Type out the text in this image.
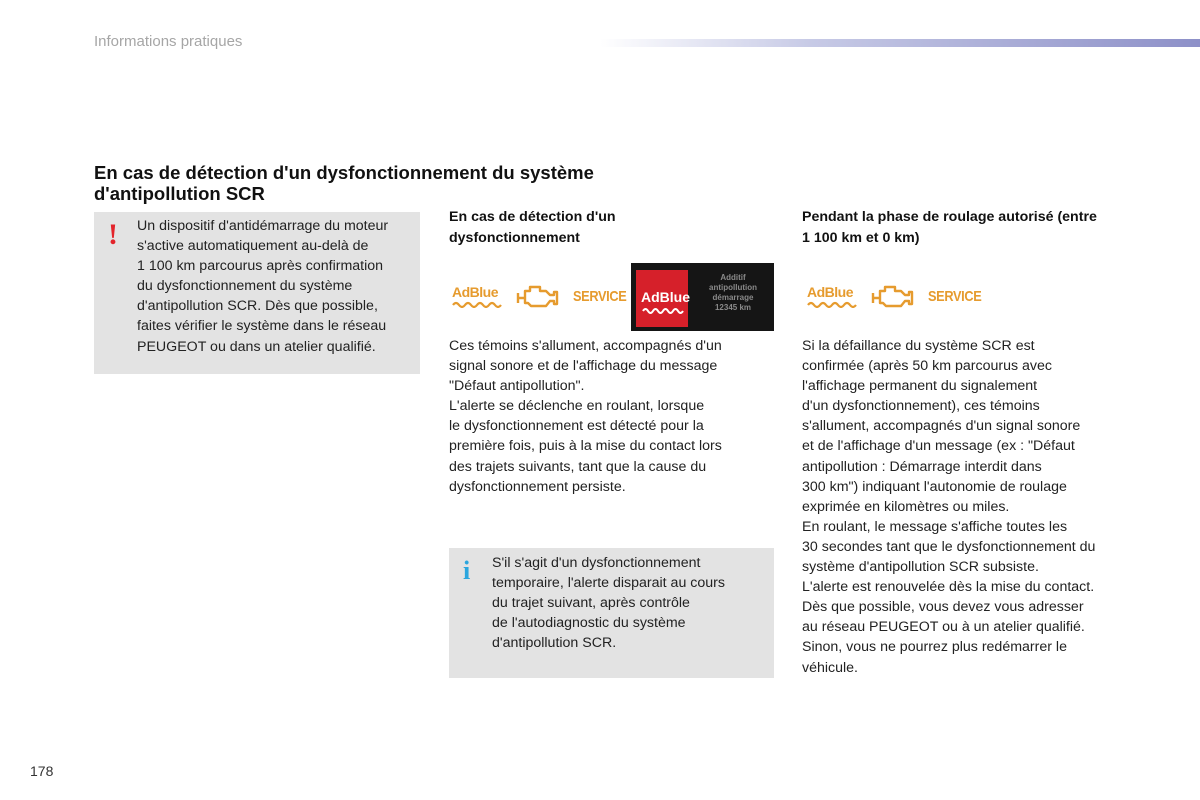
Informations pratiques
En cas de détection d'un dysfonctionnement du système
d'antipollution SCR
! Un dispositif d'antidémarrage du moteur
s'active automatiquement au-delà de
1 100 km parcourus après confirmation
du dysfonctionnement du système
d'antipollution SCR. Dès que possible,
faites vérifier le système dans le réseau
PEUGEOT ou dans un atelier qualifié.
En cas de détection d'un
dysfonctionnement
AdBlue	SERVICE AdBlue
Additif
antipollution
démarrage
12345 km
Ces témoins s'allument, accompagnés d'un
signal sonore et de l'affichage du message
"Défaut antipollution".
L'alerte se déclenche en roulant, lorsque
le dysfonctionnement est détecté pour la
première fois, puis à la mise du contact lors
des trajets suivants, tant que la cause du
dysfonctionnement persiste.
i S'il s'agit d'un dysfonctionnement
temporaire, l'alerte disparait au cours
du trajet suivant, après contrôle
de l'autodiagnostic du système
d'antipollution SCR.
Pendant la phase de roulage autorisé (entre
1 100 km et 0 km)
AdBlue	SERVICE
Si la défaillance du système SCR est
confirmée (après 50 km parcourus avec
l'affichage permanent du signalement
d'un dysfonctionnement), ces témoins
s'allument, accompagnés d'un signal sonore
et de l'affichage d'un message (ex : "Défaut
antipollution : Démarrage interdit dans
300 km") indiquant l'autonomie de roulage
exprimée en kilomètres ou miles.
En roulant, le message s'affiche toutes les
30 secondes tant que le dysfonctionnement du
système d'antipollution SCR subsiste.
L'alerte est renouvelée dès la mise du contact.
Dès que possible, vous devez vous adresser
au réseau PEUGEOT ou à un atelier qualifié.
Sinon, vous ne pourrez plus redémarrer le
véhicule.
178
